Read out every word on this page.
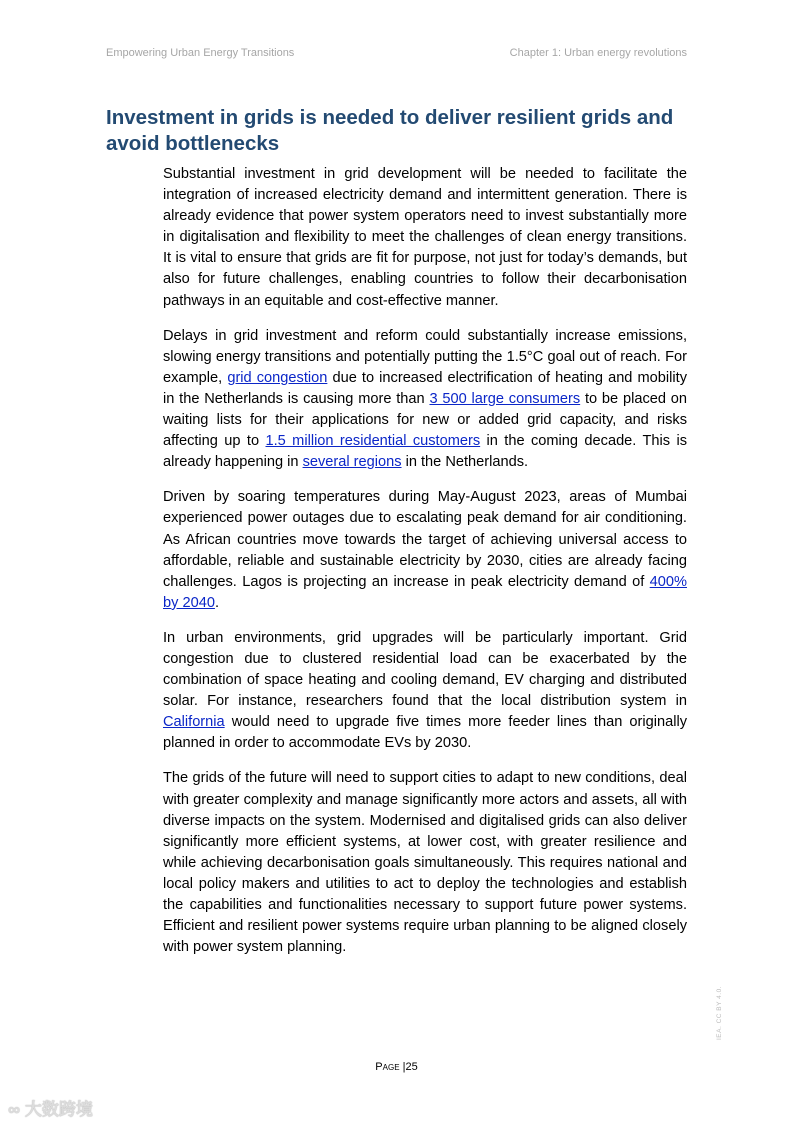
Empowering Urban Energy Transitions	Chapter 1: Urban energy revolutions
Investment in grids is needed to deliver resilient grids and avoid bottlenecks

Substantial investment in grid development will be needed to facilitate the integration of increased electricity demand and intermittent generation. There is already evidence that power system operators need to invest substantially more in digitalisation and flexibility to meet the challenges of clean energy transitions. It is vital to ensure that grids are fit for purpose, not just for today’s demands, but also for future challenges, enabling countries to follow their decarbonisation pathways in an equitable and cost-effective manner.

Delays in grid investment and reform could substantially increase emissions, slowing energy transitions and potentially putting the 1.5°C goal out of reach. For example, grid congestion due to increased electrification of heating and mobility in the Netherlands is causing more than 3 500 large consumers to be placed on waiting lists for their applications for new or added grid capacity, and risks affecting up to 1.5 million residential customers in the coming decade. This is already happening in several regions in the Netherlands.

Driven by soaring temperatures during May-August 2023, areas of Mumbai experienced power outages due to escalating peak demand for air conditioning. As African countries move towards the target of achieving universal access to affordable, reliable and sustainable electricity by 2030, cities are already facing challenges. Lagos is projecting an increase in peak electricity demand of 400% by 2040.

In urban environments, grid upgrades will be particularly important. Grid congestion due to clustered residential load can be exacerbated by the combination of space heating and cooling demand, EV charging and distributed solar. For instance, researchers found that the local distribution system in California would need to upgrade five times more feeder lines than originally planned in order to accommodate EVs by 2030.

The grids of the future will need to support cities to adapt to new conditions, deal with greater complexity and manage significantly more actors and assets, all with diverse impacts on the system. Modernised and digitalised grids can also deliver significantly more efficient systems, at lower cost, with greater resilience and while achieving decarbonisation goals simultaneously. This requires national and local policy makers and utilities to act to deploy the technologies and establish the capabilities and functionalities necessary to support future power systems. Efficient and resilient power systems require urban planning to be aligned closely with power system planning.

Page |25
IEA. CC BY 4.0.
∞ 大数跨境
